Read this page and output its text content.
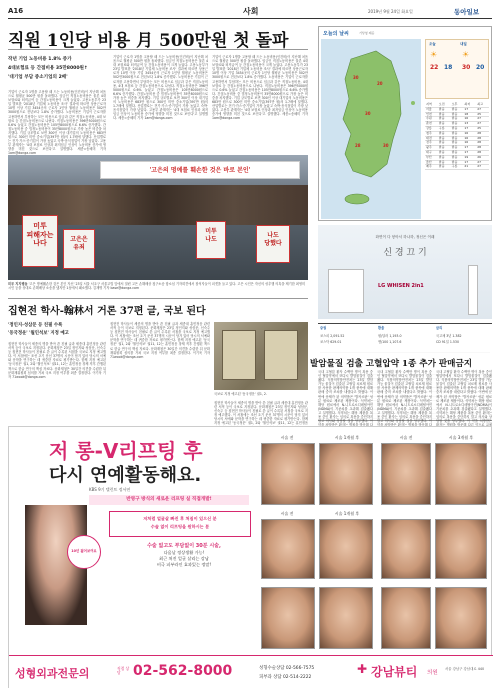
A16	사회	2019년 9월 24일 화요일	동아일보
직원 1인당 비용 月 500만원 첫 돌파
작년 기업 노동비용 1.8% 증가
4대보험료 등 간접비용 35만8000원↑
'대기업 부담 중소기업의 2배'
기업이 근로자 1명을 고용할 때 드는 노동비용(인건비)이 지난해 처음으로 월평균 500만 원을 돌파했다. 임금인 직접노동비용은 물론 4대 보험료와 퇴직급여 등 간접노동비용이 크게 늘었다. 고용노동부가 23일 발표한 '2018년 기업체 노동비용 조사' 결과에 따르면 상용근로자 10명 이상 기업 3454곳의 근로자 1인당 월평균 노동비용은 502만3000원으로 전년보다 1.8% 증가했다. 노동비용은 기업이 근로자를 고용하면서 부담하는 모든 비용으로 임금과 같은 직접노동비용, 4대 보험료 등 간접노동비용으로 나뉜다. 직접노동비용은 396만5000원으로 0.6% 늘었고 간접노동비용은 105만8000원으로 6.6% 증가했다. 간접노동비용 중 법정노동비용이 35만8000원으로 가장 높은 비중을 차지했다. 기업 규모별로 보면 300인 이상 대기업의 노동비용은 683만 원으로 300인 미만 중소기업(397만 원)의 1.7배에 달했다. 산업별로는 전기·가스·증기업이 가장 높았고 숙박·음식점업이 가장 낮았다. 고용부 관계자는 '4대 보험료 인상과 최저임금 인상이 노동비용 증가에 영향을 미친 것으로 보인다'고 설명했다. 세종=송혜미 기자 1am@donga.com
기업이 근로자 1명을 고용할 때 드는 노동비용(인건비)이 지난해 처음으로 월평균 500만 원을 돌파했다. 임금인 직접노동비용은 물론 4대 보험료와 퇴직급여 등 간접노동비용이 크게 늘었다. 고용노동부가 23일 발표한 '2018년 기업체 노동비용 조사' 결과에 따르면 상용근로자 10명 이상 기업 3454곳의 근로자 1인당 월평균 노동비용은 502만3000원으로 전년보다 1.8% 증가했다. 노동비용은 기업이 근로자를 고용하면서 부담하는 모든 비용으로 임금과 같은 직접노동비용, 4대 보험료 등 간접노동비용으로 나뉜다. 직접노동비용은 396만5000원으로 0.6% 늘었고 간접노동비용은 105만8000원으로 6.6% 증가했다. 간접노동비용 중 법정노동비용이 35만8000원으로 가장 높은 비중을 차지했다. 기업 규모별로 보면 300인 이상 대기업의 노동비용은 683만 원으로 300인 미만 중소기업(397만 원)의 1.7배에 달했다. 산업별로는 전기·가스·증기업이 가장 높았고 숙박·음식점업이 가장 낮았다. 고용부 관계자는 '4대 보험료 인상과 최저임금 인상이 노동비용 증가에 영향을 미친 것으로 보인다'고 설명했다. 세종=송혜미 기자 1am@donga.com
기업이 근로자 1명을 고용할 때 드는 노동비용(인건비)이 지난해 처음으로 월평균 500만 원을 돌파했다. 임금인 직접노동비용은 물론 4대 보험료와 퇴직급여 등 간접노동비용이 크게 늘었다. 고용노동부가 23일 발표한 '2018년 기업체 노동비용 조사' 결과에 따르면 상용근로자 10명 이상 기업 3454곳의 근로자 1인당 월평균 노동비용은 502만3000원으로 전년보다 1.8% 증가했다. 노동비용은 기업이 근로자를 고용하면서 부담하는 모든 비용으로 임금과 같은 직접노동비용, 4대 보험료 등 간접노동비용으로 나뉜다. 직접노동비용은 396만5000원으로 0.6% 늘었고 간접노동비용은 105만8000원으로 6.6% 증가했다. 간접노동비용 중 법정노동비용이 35만8000원으로 가장 높은 비중을 차지했다. 기업 규모별로 보면 300인 이상 대기업의 노동비용은 683만 원으로 300인 미만 중소기업(397만 원)의 1.7배에 달했다. 산업별로는 전기·가스·증기업이 가장 높았고 숙박·음식점업이 가장 낮았다. 고용부 관계자는 '4대 보험료 인상과 최저임금 인상이 노동비용 증가에 영향을 미친 것으로 보인다'고 설명했다. 세종=송혜미 기자 1am@donga.com
'고은의 명예를 훼손한 것은 바로 본인'
미투
피해자는
나다	고은은
유죄
미투
나도	나도
당했다
미투 지지행동 '고은 명예훼손한 것은 본인 자신' 23일 서울 서초구 서울고법 앞에서 열린 고은 손해배상 청구소송 항소심 기자회견에서 참석자들이 피켓을 들고 있다. 고은 시인은 자신의 성추행 의혹을 제기한 최영미 시인 등을 상대로 손해배상 소송을 냈지만 1심에서 패소했다. 김재명 기자 base@donga.com
집현전 학사-翰林서 거론 37편 글, 국보 된다
'정인지-성삼문 등 친필 수록
'동국정운' '월인석보' 지정 예고
집현전 학사들이 세종의 명을 받아 쓴 친필 글과 세종대 훈민정음 관련 서적 등이 국보로 지정된다. 문화재청은 23일 정인지와 성삼문, 신숙주 등 집현전 학사들이 친필로 쓴 글이 수록된 서첩을 국보로 지정 예고했다. 이 서첩에는 조선 초기 문신 37명의 시문이 담겨 있어 당시의 서예와 문학을 연구하는 데 귀중한 자료로 평가받는다. 함께 지정 예고된 '동국정운' 권1, 2와 '월인석보' 권11, 12는 훈민정음 창제 직후 간행된 책으로 한글 연구의 핵심 자료다. 문화재청은 30일간 의견을 수렴한 뒤 문화재위원회 심의를 거쳐 국보 지정 여부를 최종 결정한다. 이기욱 기자 71wook@donga.com
집현전 학사들이 세종의 명을 받아 쓴 친필 글과 세종대 훈민정음 관련 서적 등이 국보로 지정된다. 문화재청은 23일 정인지와 성삼문, 신숙주 등 집현전 학사들이 친필로 쓴 글이 수록된 서첩을 국보로 지정 예고했다. 이 서첩에는 조선 초기 문신 37명의 시문이 담겨 있어 당시의 서예와 문학을 연구하는 데 귀중한 자료로 평가받는다. 함께 지정 예고된 '동국정운' 권1, 2와 '월인석보' 권11, 12는 훈민정음 창제 직후 간행된 책으로 한글 연구의 핵심 자료다. 문화재청은 30일간 의견을 수렴한 뒤 문화재위원회 심의를 거쳐 국보 지정 여부를 최종 결정한다. 이기욱 기자 71wook@donga.com
국보로 지정 예고된 '동국정운' 권1, 2.
집현전 학사들이 세종의 명을 받아 쓴 친필 글과 세종대 훈민정음 관련 서적 등이 국보로 지정된다. 문화재청은 23일 정인지와 성삼문, 신숙주 등 집현전 학사들이 친필로 쓴 글이 수록된 서첩을 국보로 지정 예고했다. 이 서첩에는 조선 초기 문신 37명의 시문이 담겨 있어 당시의 서예와 문학을 연구하는 데 귀중한 자료로 평가받는다. 함께 지정 예고된 '동국정운' 권1, 2와 '월인석보' 권11, 12는 훈민정음
오늘의 날씨	기상청 제공
30
20
30
28	30
오늘	내일
☀	☀
22 18 30 20
지역	오전	오후	최저	최고
서울	맑음	맑음	17	27
인천	맑음	맑음	18	25
수원	맑음	맑음	16	27
춘천	맑음	맑음	13	27
강릉	구름	맑음	17	25
청주	맑음	맑음	16	28
대전	맑음	맑음	16	28
전주	맑음	맑음	16	28
광주	맑음	맑음	17	28
대구	맑음	맑음	17	28
부산	맑음	맑음	19	26
울산	맑음	맑음	17	27
제주	맑음	구름	21	27
화면이 다 닿아서 하나하, 정신은 이래
신 경 끄 기
LG WHISEN 2in1
증권	환율	금리
코스피 2,091.52
코스닥 629.01
원/달러 1,193.0
엔/100 1,107.6
국고채 3년 1.382
CD 91일 1.530
발암물질 검출 고혈압약 1종 추가 판매금지
국내 고혈압 환자 수백만 명이 복용 중인 혈압약에서 또다시 발암물질이 검출됐다. 식품의약품안전처는 23일 발암 가능 물질이 검출된 고혈압 치료제 원료를 사용한 완제의약품 1개 품목에 대해 판매 중지 조치를 내렸다고 밝혔다. 이번에 문제가 된 의약품은 '발사르탄' 성분 원료로 제조된 제품이다. 식약처는 해당 원료에서 N-니트로소디메틸아민(NDMA)이 기준치를 초과해 검출됐다고 설명했다. 식약처는 해당 제품을 복용 중인 환자는 임의로 복용을 중단하지 말고 의사와 상담할 것을 당부했다. 이
국내 고혈압 환자 수백만 명이 복용 중인 혈압약에서 또다시 발암물질이 검출됐다. 식품의약품안전처는 23일 발암 가능 물질이 검출된 고혈압 치료제 원료를 사용한 완제의약품 1개 품목에 대해 판매 중지 조치를 내렸다고 밝혔다. 이번에 문제가 된 의약품은 '발사르탄' 성분 원료로 제조된 제품이다. 식약처는 해당 원료에서 N-니트로소디메틸아민(NDMA)이 기준치를 초과해 검출됐다고 설명했다. 식약처는 해당 제품을 복용 중인 환자는 임의로 복용을 중단하지 말고 의사와 상담할 것을 당부했다. 이
국내 고혈압 환자 수백만 명이 복용 중인 혈압약에서 또다시 발암물질이 검출됐다. 식품의약품안전처는 23일 발암 가능 물질이 검출된 고혈압 치료제 원료를 사용한 완제의약품 1개 품목에 대해 판매 중지 조치를 내렸다고 밝혔다. 이번에 문제가 된 의약품은 '발사르탄' 성분 원료로 제조된 제품이다. 식약처는 해당 원료에서 N-니트로소디메틸아민(NDMA)이 기준치를 초과해 검출됐다고 설명했다. 식약처는 해당 제품을 복용 중인 환자는 임의로 복용을 중단하지 말고 의사와 상담할 것을 당부했다. 이 약을 처방받은
저 롱-V리프팅 후
다시 연예활동해요.
KBS 9기 탤런트 정서연
반영구 방식의 새로운 리프팅 실 직접개발!
10년 젊어보여요
저처럼 얼굴살 빠진 후 처짐이 있으신 분
수술 없이 리프팅을 원하시는 분
수술 없고도 부담없이 30분 시술,
다음날 정상생활 가능!
최근 처진 얼굴 살리는 강남
비극 피부라인 효과있는 정말!
시술 전	시술 1개월 후	시술 전	시술 3개월 후
시술 전	시술 1개월 후
성형외과전문의	직접 상담 02-562-8000	성형수술상담 02-566-7575
피부과 상담 02-514-2222
✚ 강남뷰티 의원
서울 강남구 강남대로 440
